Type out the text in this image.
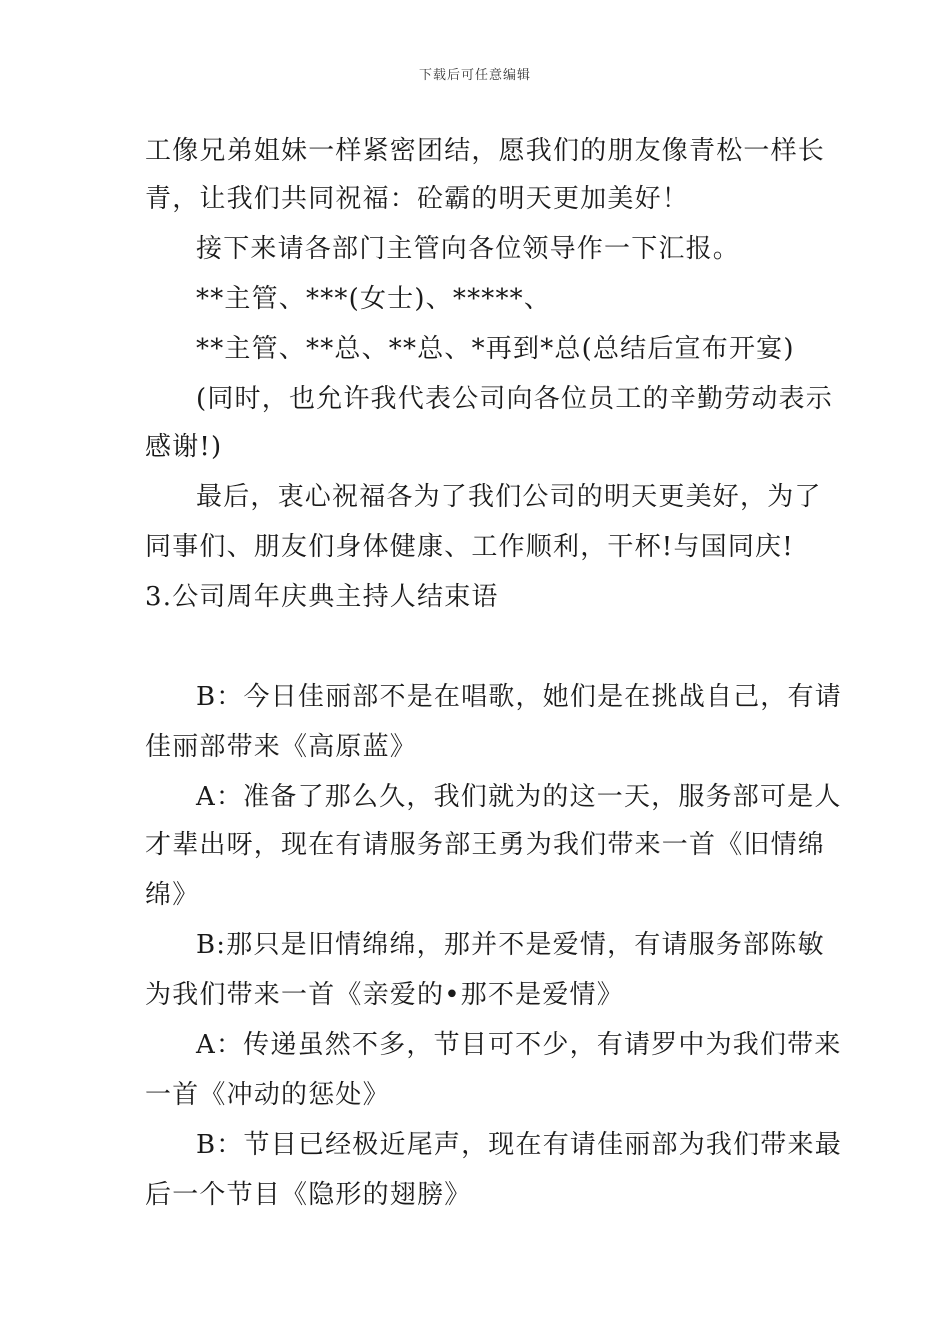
下载后可任意编辑
工像兄弟姐妹一样紧密团结，愿我们的朋友像青松一样长
青，让我们共同祝福：砼霸的明天更加美好！
接下来请各部门主管向各位领导作一下汇报。
**主管、***(女士)、*****、
**主管、**总、**总、*再到*总(总结后宣布开宴)
(同时，也允许我代表公司向各位员工的辛勤劳动表示
感谢!)
最后，衷心祝福各为了我们公司的明天更美好，为了
同事们、朋友们身体健康、工作顺利，干杯!与国同庆!
3.公司周年庆典主持人结束语
B：今日佳丽部不是在唱歌，她们是在挑战自己，有请
佳丽部带来《高原蓝》
A：准备了那么久，我们就为的这一天，服务部可是人
才辈出呀，现在有请服务部王勇为我们带来一首《旧情绵
绵》
B:那只是旧情绵绵，那并不是爱情，有请服务部陈敏
为我们带来一首《亲爱的•那不是爱情》
A：传递虽然不多，节目可不少，有请罗中为我们带来
一首《冲动的惩处》
B：节目已经极近尾声，现在有请佳丽部为我们带来最
后一个节目《隐形的翅膀》
